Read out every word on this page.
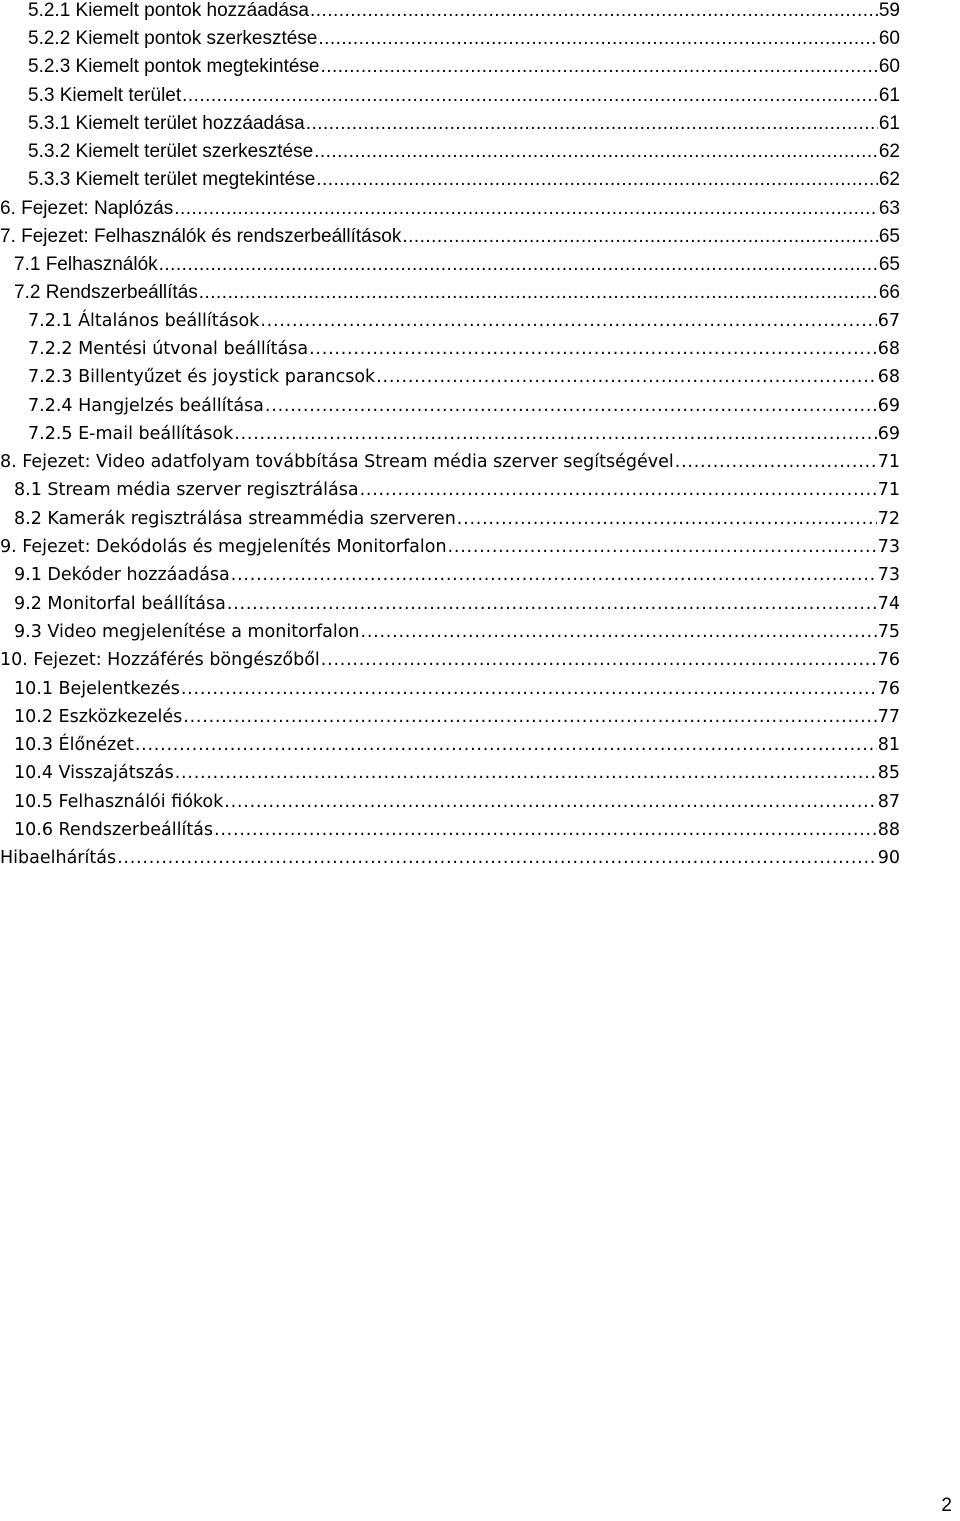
5.2.1 Kiemelt pontok hozzáadása . . .	59
5.2.2 Kiemelt pontok szerkesztése . . .	60
5.2.3 Kiemelt pontok megtekintése . . .	60
5.3 Kiemelt terület . . .	61
5.3.1 Kiemelt terület hozzáadása . . .	61
5.3.2 Kiemelt terület szerkesztése . . .	62
5.3.3 Kiemelt terület megtekintése . . .	62
6. Fejezet: Naplózás . . .	63
7. Fejezet: Felhasználók és rendszerbeállítások . . .	65
7.1 Felhasználók . . .	65
7.2 Rendszerbeállítás . . .	66
7.2.1 Általános beállítások . . .	67
7.2.2 Mentési útvonal beállítása . . .	68
7.2.3 Billentyűzet és joystick parancsok . . .	68
7.2.4 Hangjelzés beállítása . . .	69
7.2.5 E-mail beállítások . . .	69
8. Fejezet: Video adatfolyam továbbítása Stream média szerver segítségével . . .	71
8.1 Stream média szerver regisztrálása . . .	71
8.2 Kamerák regisztrálása streammédia szerveren . . .	72
9. Fejezet: Dekódolás és megjelenítés Monitorfalon . . .	73
9.1 Dekóder hozzáadása . . .	73
9.2 Monitorfal beállítása . . .	74
9.3 Video megjelenítése a monitorfalon . . .	75
10. Fejezet: Hozzáférés böngészőből . . .	76
10.1 Bejelentkezés . . .	76
10.2 Eszközkezelés . . .	77
10.3 Élőnézet . . .	81
10.4 Visszajátszás . . .	85
10.5 Felhasználói fiókok . . .	87
10.6 Rendszerbeállítás . . .	88
Hibaelhárítás . . .	90
2
